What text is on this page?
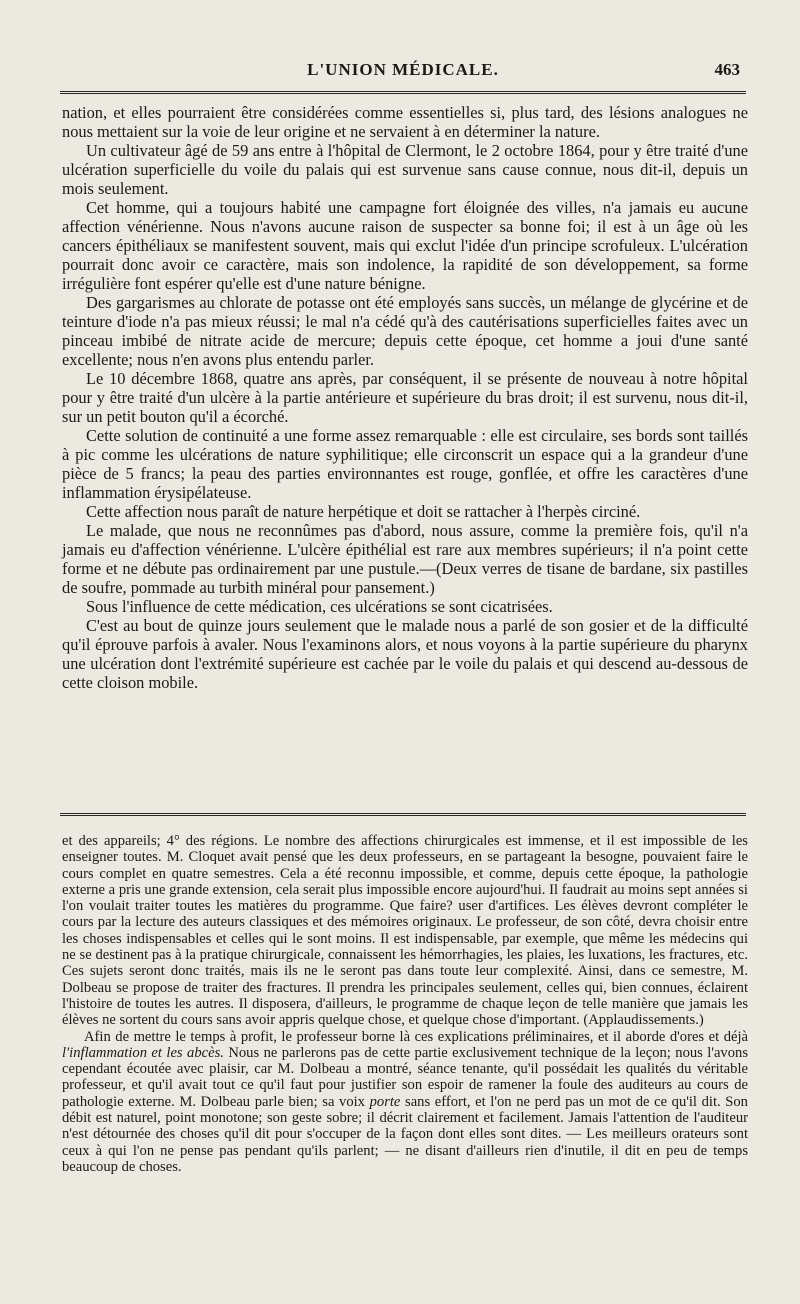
L'UNION MÉDICALE.	463

nation, et elles pourraient être considérées comme essentielles si, plus tard, des lésions analogues ne nous mettaient sur la voie de leur origine et ne servaient à en déterminer la nature.

Un cultivateur âgé de 59 ans entre à l'hôpital de Clermont, le 2 octobre 1864, pour y être traité d'une ulcération superficielle du voile du palais qui est survenue sans cause connue, nous dit-il, depuis un mois seulement.

Cet homme, qui a toujours habité une campagne fort éloignée des villes, n'a jamais eu aucune affection vénérienne. Nous n'avons aucune raison de suspecter sa bonne foi; il est à un âge où les cancers épithéliaux se manifestent souvent, mais qui exclut l'idée d'un principe scrofuleux. L'ulcération pourrait donc avoir ce caractère, mais son indolence, la rapidité de son développement, sa forme irrégulière font espérer qu'elle est d'une nature bénigne.

Des gargarismes au chlorate de potasse ont été employés sans succès, un mélange de glycérine et de teinture d'iode n'a pas mieux réussi; le mal n'a cédé qu'à des cautérisations superficielles faites avec un pinceau imbibé de nitrate acide de mercure; depuis cette époque, cet homme a joui d'une santé excellente; nous n'en avons plus entendu parler.

Le 10 décembre 1868, quatre ans après, par conséquent, il se présente de nouveau à notre hôpital pour y être traité d'un ulcère à la partie antérieure et supérieure du bras droit; il est survenu, nous dit-il, sur un petit bouton qu'il a écorché.

Cette solution de continuité a une forme assez remarquable : elle est circulaire, ses bords sont taillés à pic comme les ulcérations de nature syphilitique; elle circonscrit un espace qui a la grandeur d'une pièce de 5 francs; la peau des parties environnantes est rouge, gonflée, et offre les caractères d'une inflammation érysipélateuse.

Cette affection nous paraît de nature herpétique et doit se rattacher à l'herpès circiné.

Le malade, que nous ne reconnûmes pas d'abord, nous assure, comme la première fois, qu'il n'a jamais eu d'affection vénérienne. L'ulcère épithélial est rare aux membres supérieurs; il n'a point cette forme et ne débute pas ordinairement par une pustule.—(Deux verres de tisane de bardane, six pastilles de soufre, pommade au turbith minéral pour pansement.)

Sous l'influence de cette médication, ces ulcérations se sont cicatrisées.

C'est au bout de quinze jours seulement que le malade nous a parlé de son gosier et de la difficulté qu'il éprouve parfois à avaler. Nous l'examinons alors, et nous voyons à la partie supérieure du pharynx une ulcération dont l'extrémité supérieure est cachée par le voile du palais et qui descend au-dessous de cette cloison mobile.

et des appareils; 4° des régions. Le nombre des affections chirurgicales est immense, et il est impossible de les enseigner toutes. M. Cloquet avait pensé que les deux professeurs, en se partageant la besogne, pouvaient faire le cours complet en quatre semestres. Cela a été reconnu impossible, et comme, depuis cette époque, la pathologie externe a pris une grande extension, cela serait plus impossible encore aujourd'hui. Il faudrait au moins sept années si l'on voulait traiter toutes les matières du programme. Que faire? user d'artifices. Les élèves devront compléter le cours par la lecture des auteurs classiques et des mémoires originaux. Le professeur, de son côté, devra choisir entre les choses indispensables et celles qui le sont moins. Il est indispensable, par exemple, que même les médecins qui ne se destinent pas à la pratique chirurgicale, connaissent les hémorrhagies, les plaies, les luxations, les fractures, etc. Ces sujets seront donc traités, mais ils ne le seront pas dans toute leur complexité. Ainsi, dans ce semestre, M. Dolbeau se propose de traiter des fractures. Il prendra les principales seulement, celles qui, bien connues, éclairent l'histoire de toutes les autres. Il disposera, d'ailleurs, le programme de chaque leçon de telle manière que jamais les élèves ne sortent du cours sans avoir appris quelque chose, et quelque chose d'important. (Applaudissements.)

Afin de mettre le temps à profit, le professeur borne là ces explications préliminaires, et il aborde d'ores et déjà l'inflammation et les abcès. Nous ne parlerons pas de cette partie exclusivement technique de la leçon; nous l'avons cependant écoutée avec plaisir, car M. Dolbeau a montré, séance tenante, qu'il possédait les qualités du véritable professeur, et qu'il avait tout ce qu'il faut pour justifier son espoir de ramener la foule des auditeurs au cours de pathologie externe. M. Dolbeau parle bien; sa voix porte sans effort, et l'on ne perd pas un mot de ce qu'il dit. Son débit est naturel, point monotone; son geste sobre; il décrit clairement et facilement. Jamais l'attention de l'auditeur n'est détournée des choses qu'il dit pour s'occuper de la façon dont elles sont dites. — Les meilleurs orateurs sont ceux à qui l'on ne pense pas pendant qu'ils parlent; — ne disant d'ailleurs rien d'inutile, il dit en peu de temps beaucoup de choses.
